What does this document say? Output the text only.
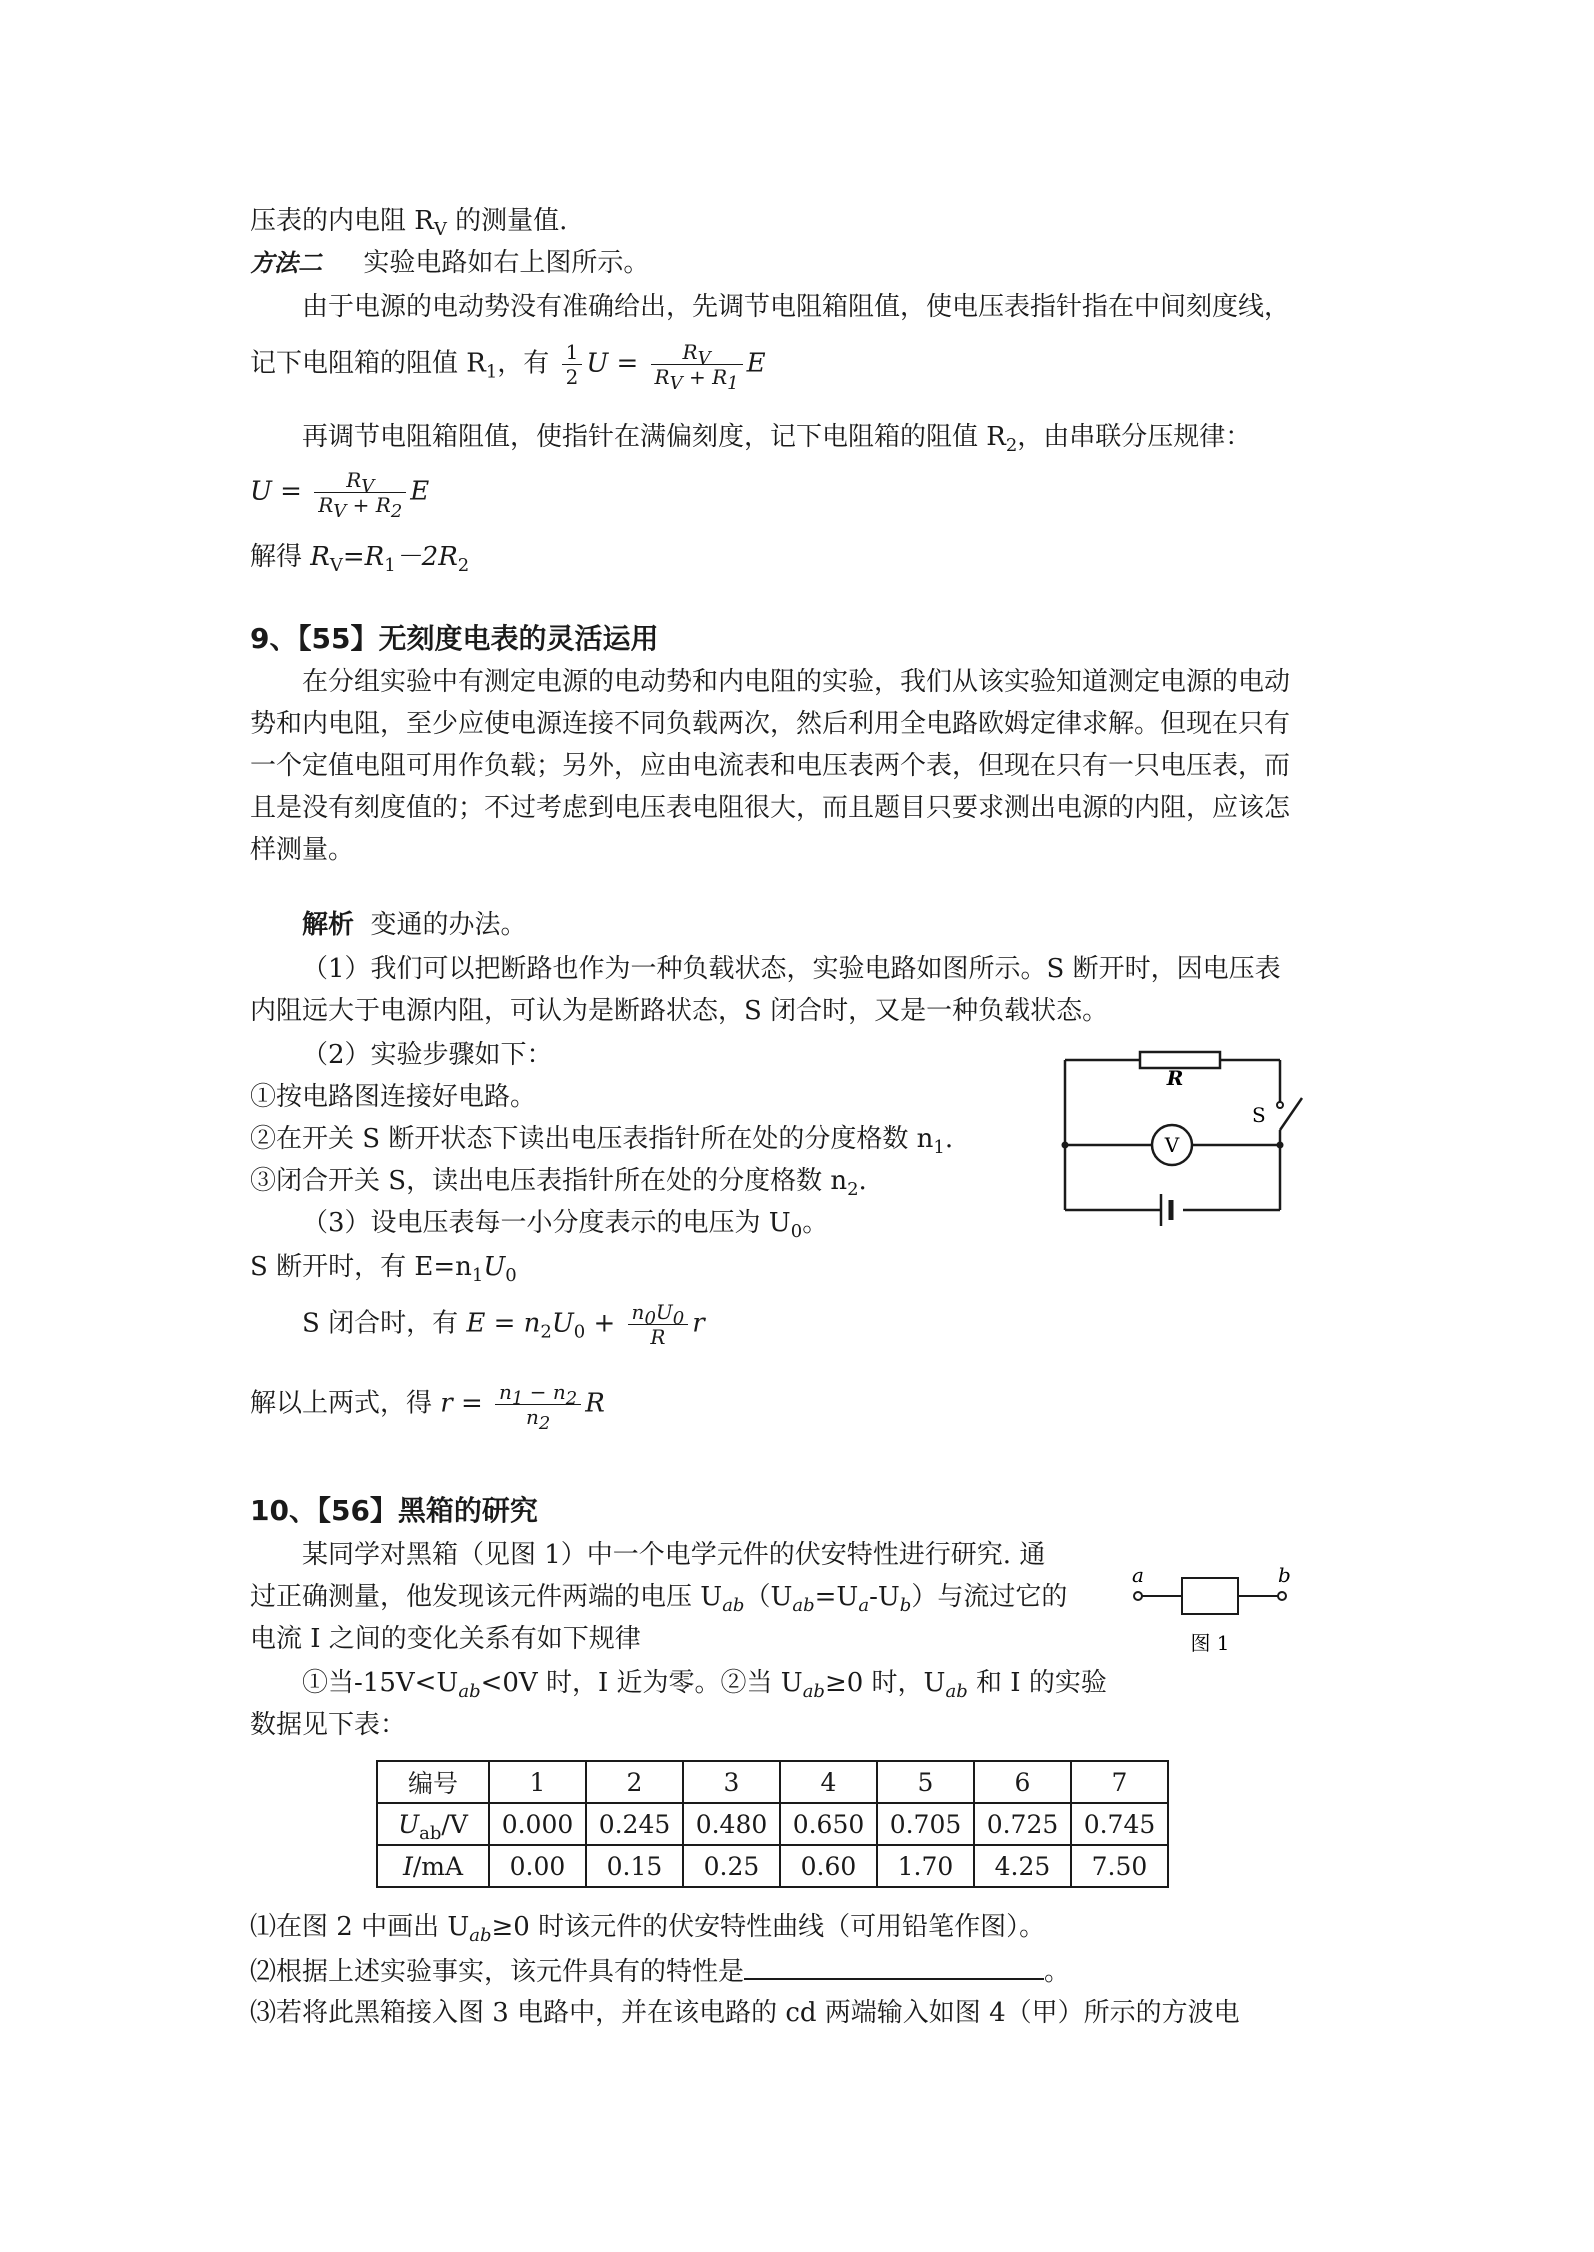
压表的内电阻 $R_V$ 的测量值.
方法二 实验电路如右上图所示。
由于电源的电动势没有准确给出，先调节电阻箱阻值，使电压表指针指在中间刻度线，
记下电阻箱的阻值 $R_1$，有 $\frac{1}{2}$ $U = \frac{R_V}{R_V + R_1}$ E
再调节电阻箱阻值，使指针在满偏刻度，记下电阻箱的阻值 $R_2$，由串联分压规律：
$U = \frac{R_V}{R_V + R_2}$ E
解得 $R_V=R_1-2R_2$
9、【55】无刻度电表的灵活运用
在分组实验中有测定电源的电动势和内电阻的实验，我们从该实验知道测定电源的电动
势和内电阻，至少应使电源连接不同负载两次，然后利用全电路欧姆定律求解。但现在只有
一个定值电阻可用作负载；另外，应由电流表和电压表两个表，但现在只有一只电压表，而
且是没有刻度值的；不过考虑到电压表电阻很大，而且题目只要求测出电源的内阻，应该怎
样测量。
解析 变通的办法。
（1）我们可以把断路也作为一种负载状态，实验电路如图所示。S 断开时，因电压表
内阻远大于电源内阻，可认为是断路状态，S 闭合时，又是一种负载状态。
（2）实验步骤如下：
①按电路图连接好电路。
②在开关 S 断开状态下读出电压表指针所在处的分度格数 $n_1$.
③闭合开关 S，读出电压表指针所在处的分度格数 $n_2$.
（3）设电压表每一小分度表示的电压为 $U_0$。
S 断开时，有 $E=n_1U_0$
S 闭合时，有 $E = n_2U_0 + \frac{n_0U_0}{R}$ r
解以上两式，得 $r = \frac{n_1 - n_2}{n_2}$ R
R
S
V
10、【56】黑箱的研究
某同学对黑箱（见图 1）中一个电学元件的伏安特性进行研究. 通
过正确测量，他发现该元件两端的电压 $U_{ab}(U_{ab}=U_a-U_b)$与流过它的
电流 I 之间的变化关系有如下规律
①当$-15V<U_{ab}<0V$ 时，I 近为零。②当 $U_{ab}\ge 0$ 时，$U_{ab}$ 和 I 的实验
数据见下表：
a	b
图 1
编号	1	2	3	4	5	6	7
$U_{ab}/V$	0.000	0.245	0.480	0.650	0.705	0.725	0.745
I/mA	0.00	0.15	0.25	0.60	1.70	4.25	7.50
⑴在图 2 中画出 $U_{ab}\ge 0$ 时该元件的伏安特性曲线（可用铅笔作图）。
⑵根据上述实验事实，该元件具有的特性是	。
⑶若将此黑箱接入图 3 电路中，并在该电路的 cd 两端输入如图 4（甲）所示的方波电
